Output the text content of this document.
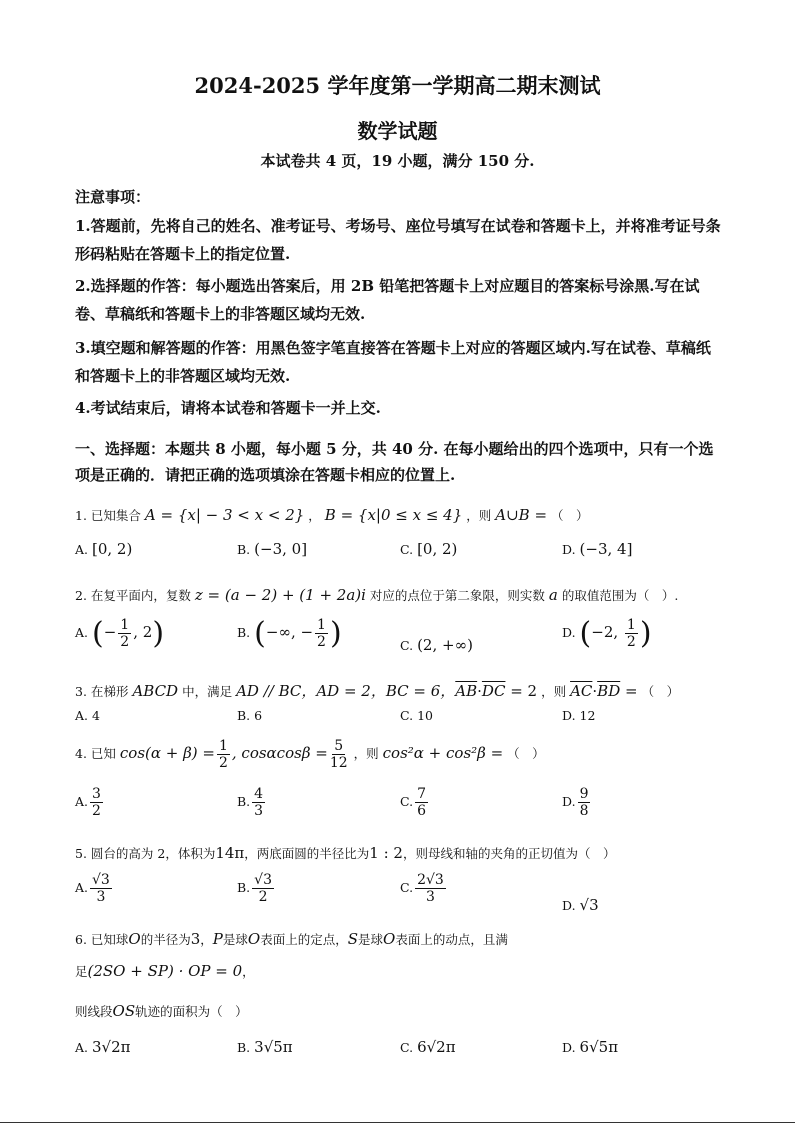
2024-2025 学年度第一学期高二期末测试
数学试题
本试卷共 4 页，19 小题，满分 150 分.
注意事项：
1.答题前，先将自己的姓名、准考证号、考场号、座位号填写在试卷和答题卡上，并将准考证号条形码粘贴在答题卡上的指定位置.
2.选择题的作答：每小题选出答案后，用 2B 铅笔把答题卡上对应题目的答案标号涂黑.写在试卷、草稿纸和答题卡上的非答题区域均无效.
3.填空题和解答题的作答：用黑色签字笔直接答在答题卡上对应的答题区域内.写在试卷、草稿纸和答题卡上的非答题区域均无效.
4.考试结束后，请将本试卷和答题卡一并上交.
一、选择题：本题共 8 小题，每小题 5 分，共 40 分. 在每小题给出的四个选项中，只有一个选项是正确的．请把正确的选项填涂在答题卡相应的位置上.
1. 已知集合 A = {x| − 3 < x < 2} ， B = {x|0 ≤ x ≤ 4} ，则 A∪B = （　）
A. [0, 2)	B. (−3, 0]	C. [0, 2)	D. (−3, 4]
2. 在复平面内，复数 z = (a − 2) + (1 + 2a)i 对应的点位于第二象限，则实数 a 的取值范围为（　）.
A. (− $\frac{1}{2}$ , 2)	B. (−∞, − $\frac{1}{2}$ )	C. (2, +∞)
D. (−2, $\frac{1}{2}$ )
3. 在梯形 ABCD 中，满足 AD // BC，AD = 2，BC = 6，$\overline{AB}\cdot\overline{DC} = 2$ ，则 $\overline{AC}\cdot\overline{BD}$ = （　）
A. 4	B. 6	C. 10	D. 12
4. 已知 $\cos(\alpha + \beta) = \frac{1}{2}$ , $\cos\alpha\cos\beta = \frac{5}{12}$ ，则 cos²α + cos²β = （　）
A. $\frac{3}{2}$	B. $\frac{4}{3}$	C. $\frac{7}{6}$	D. $\frac{9}{8}$
5. 圆台的高为 2，体积为14π，两底面圆的半径比为1 : 2，则母线和轴的夹角的正切值为（　）
A. $\frac{√3}{3}$	B. $\frac{√3}{2}$	C. $\frac{2√3}{3}$
D. √3
6. 已知球O的半径为3，P是球O表面上的定点，S是球O表面上的动点，且满
足(2SO + SP) · OP = 0，
则线段OS轨迹的面积为（　）
A. 3√2π	B. 3√5π	C. 6√2π	D. 6√5π
